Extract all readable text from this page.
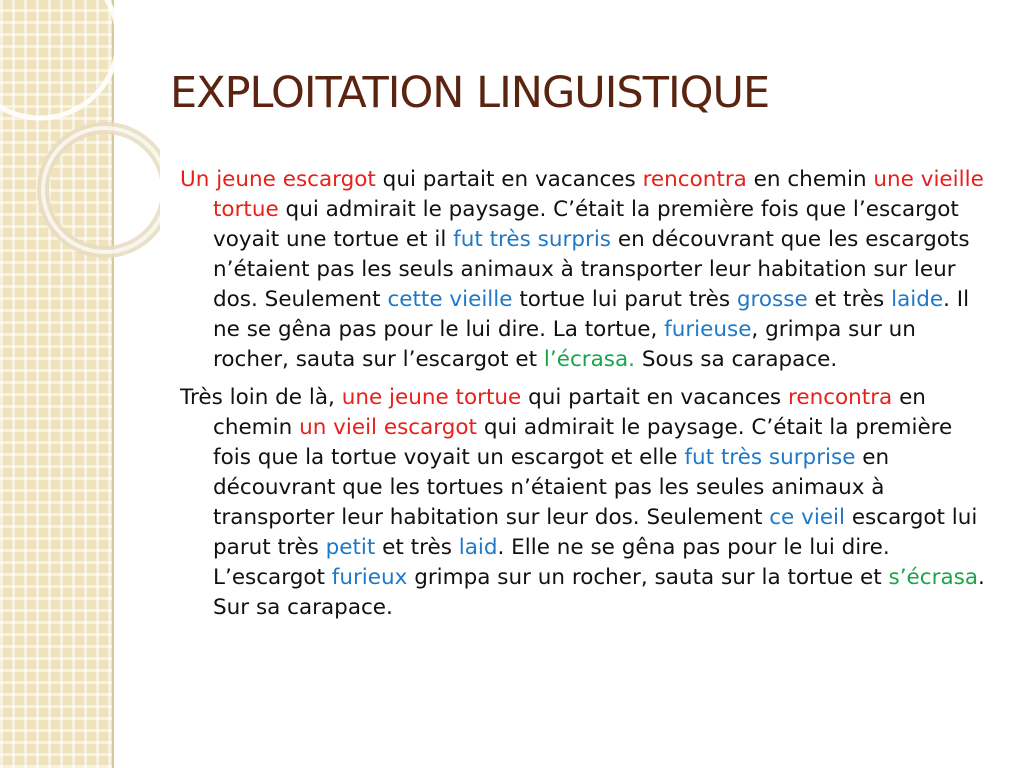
EXPLOITATION LINGUISTIQUE

Un jeune escargot qui partait en vacances rencontra en chemin une vieille tortue qui admirait le paysage. C’était la première fois que l’escargot voyait une tortue et il fut très surpris en découvrant que les escargots n’étaient pas les seuls animaux à transporter leur habitation sur leur dos. Seulement cette vieille tortue lui parut très grosse et très laide. Il ne se gêna pas pour le lui dire. La tortue, furieuse, grimpa sur un rocher, sauta sur l’escargot et l’écrasa. Sous sa carapace.

Très loin de là, une jeune tortue qui partait en vacances rencontra en chemin un vieil escargot qui admirait le paysage. C’était la première fois que la tortue voyait un escargot et elle fut très surprise en découvrant que les tortues n’étaient pas les seules animaux à transporter leur habitation sur leur dos. Seulement ce vieil escargot lui parut très petit et très laid. Elle ne se gêna pas pour le lui dire. L’escargot furieux grimpa sur un rocher, sauta sur la tortue et s’écrasa. Sur sa carapace.
